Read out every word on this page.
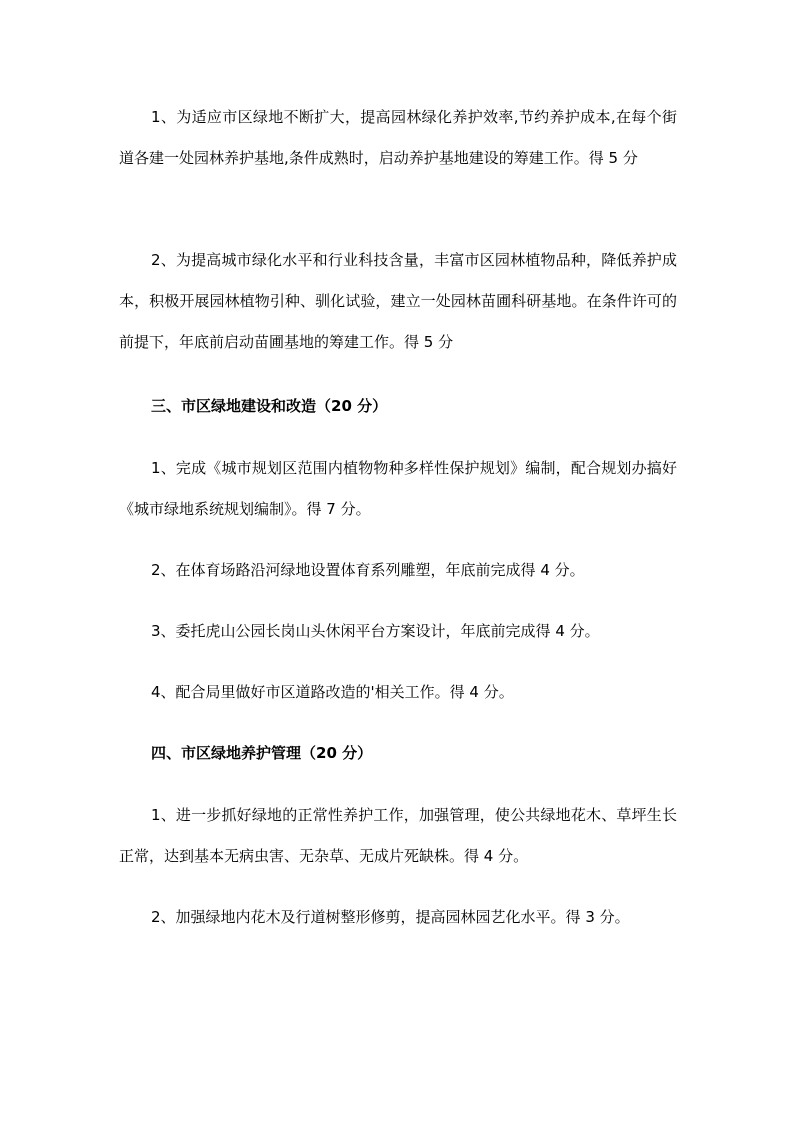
1、为适应市区绿地不断扩大，提高园林绿化养护效率,节约养护成本,在每个街道各建一处园林养护基地,条件成熟时，启动养护基地建设的筹建工作。得 5 分

2、为提高城市绿化水平和行业科技含量，丰富市区园林植物品种，降低养护成本，积极开展园林植物引种、驯化试验，建立一处园林苗圃科研基地。在条件许可的前提下，年底前启动苗圃基地的筹建工作。得 5 分

三、市区绿地建设和改造（20 分）

1、完成《城市规划区范围内植物物种多样性保护规划》编制，配合规划办搞好《城市绿地系统规划编制》。得 7 分。

2、在体育场路沿河绿地设置体育系列雕塑，年底前完成得 4 分。

3、委托虎山公园长岗山头休闲平台方案设计，年底前完成得 4 分。

4、配合局里做好市区道路改造的'相关工作。得 4 分。

四、市区绿地养护管理（20 分）

1、进一步抓好绿地的正常性养护工作，加强管理，使公共绿地花木、草坪生长正常，达到基本无病虫害、无杂草、无成片死缺株。得 4 分。

2、加强绿地内花木及行道树整形修剪，提高园林园艺化水平。得 3 分。
